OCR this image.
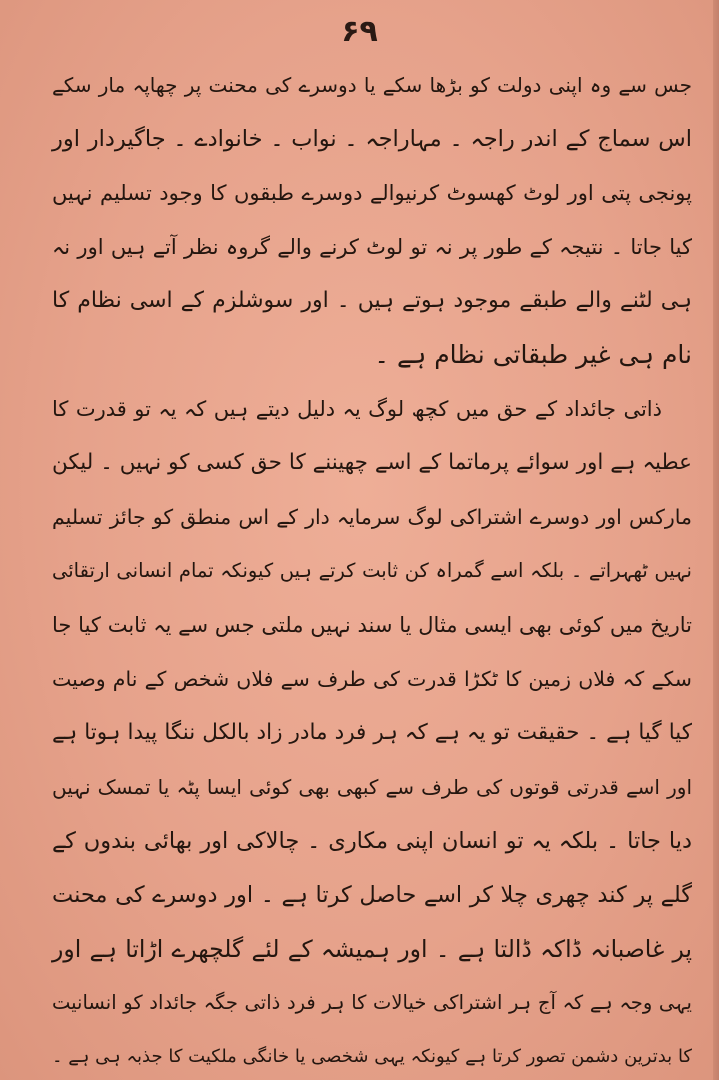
۶۹
جس سے وہ اپنی دولت کو بڑھا سکے یا دوسرے کی محنت پر چھاپہ مار سکے
اس سماج کے اندر راجہ ۔ مہاراجہ ۔ نواب ۔ خانوادے ۔ جاگیردار اور
پونجی پتی اور لوٹ کھسوٹ کرنیوالے دوسرے طبقوں کا وجود تسلیم نہیں
کیا جاتا ۔ نتیجہ کے طور پر نہ تو لوٹ کرنے والے گروہ نظر آتے ہیں اور نہ
ہی لٹنے والے طبقے موجود ہوتے ہیں ۔ اور سوشلزم کے اسی نظام کا
نام ہی غیر طبقاتی نظام ہے ۔
ذاتی جائداد کے حق میں کچھ لوگ یہ دلیل دیتے ہیں کہ یہ تو قدرت کا
عطیہ ہے اور سوائے پرماتما کے اسے چھیننے کا حق کسی کو نہیں ۔ لیکن
مارکس اور دوسرے اشتراکی لوگ سرمایہ دار کے اس منطق کو جائز تسلیم
نہیں ٹھہراتے ۔ بلکہ اسے گمراہ کن ثابت کرتے ہیں کیونکہ تمام انسانی ارتقائی
تاریخ میں کوئی بھی ایسی مثال یا سند نہیں ملتی جس سے یہ ثابت کیا جا
سکے کہ فلاں زمین کا ٹکڑا قدرت کی طرف سے فلاں شخص کے نام وصیت
کیا گیا ہے ۔ حقیقت تو یہ ہے کہ ہر فرد مادر زاد بالکل ننگا پیدا ہوتا ہے
اور اسے قدرتی قوتوں کی طرف سے کبھی بھی کوئی ایسا پٹہ یا تمسک نہیں
دیا جاتا ۔ بلکہ یہ تو انسان اپنی مکاری ۔ چالاکی اور بھائی بندوں کے
گلے پر کند چھری چلا کر اسے حاصل کرتا ہے ۔ اور دوسرے کی محنت
پر غاصبانہ ڈاکہ ڈالتا ہے ۔ اور ہمیشہ کے لئے گلچھرے اڑاتا ہے اور
یہی وجہ ہے کہ آج ہر اشتراکی خیالات کا ہر فرد ذاتی جگہ جائداد کو انسانیت
کا بدترین دشمن تصور کرتا ہے کیونکہ یہی شخصی یا خانگی ملکیت کا جذبہ ہی ہے ۔
